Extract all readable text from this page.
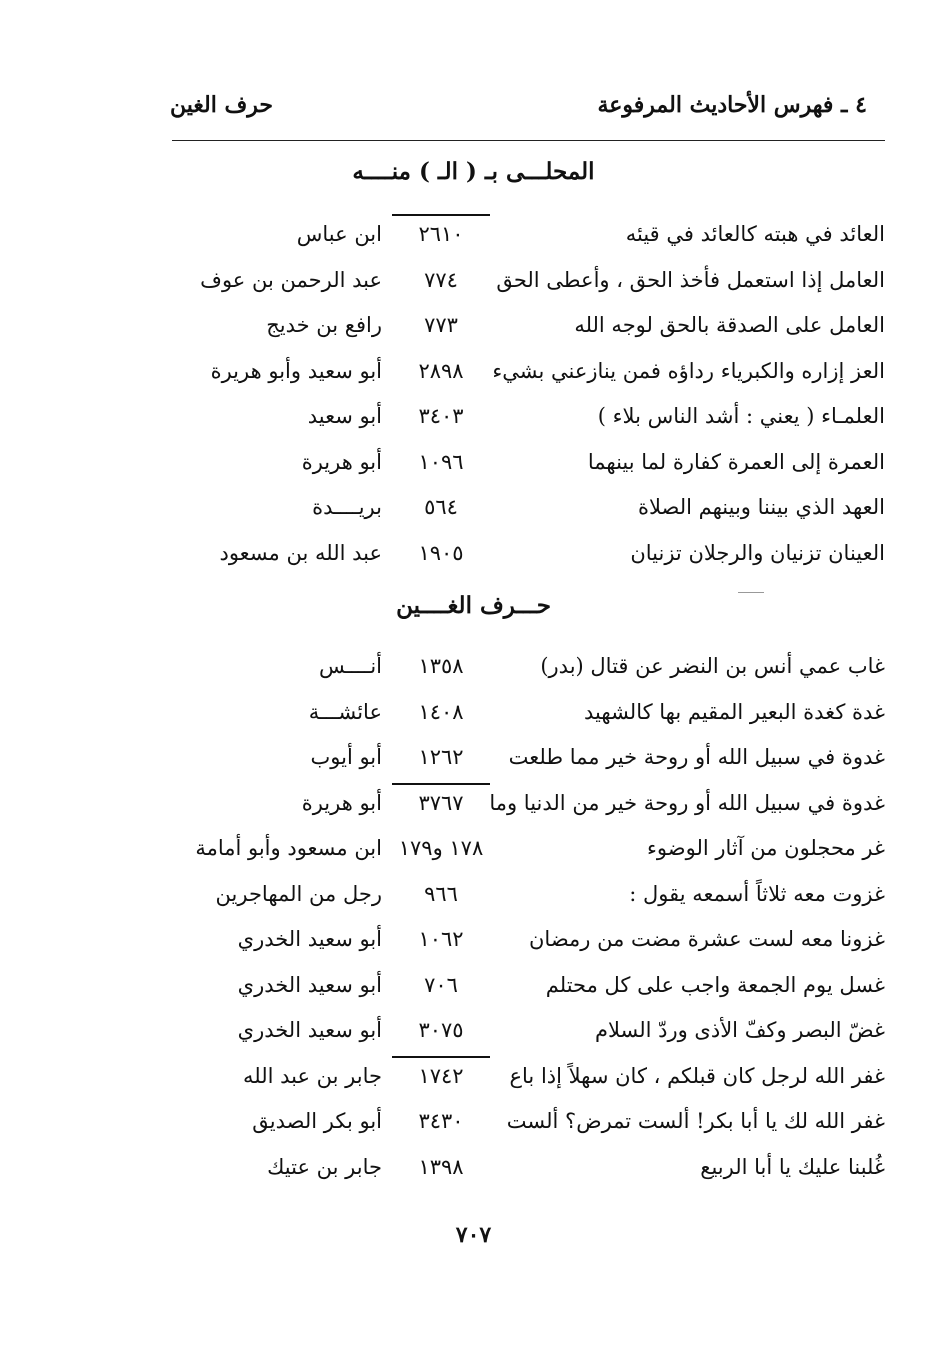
٤ ـ فهرس الأحاديث المرفوعة
حرف الغين
المحلـــى بـ ( الـ ) منــــه
العائد في هبته كالعائد في قيئه
٢٦١٠
ابن عباس
العامل إذا استعمل فأخذ الحق ، وأعطى الحق
٧٧٤
عبد الرحمن بن عوف
العامل على الصدقة بالحق لوجه الله
٧٧٣
رافع بن خديج
العز إزاره والكبرياء رداؤه فمن ينازعني بشيء
٢٨٩٨
أبو سعيد وأبو هريرة
العلمـاء ( يعني : أشد الناس بلاء )
٣٤٠٣
أبو سعيد
العمرة إلى العمرة كفارة لما بينهما
١٠٩٦
أبو هريرة
العهد الذي بيننا وبينهم الصلاة
٥٦٤
بريــــدة
العينان تزنيان والرجلان تزنيان
١٩٠٥
عبد الله بن مسعود
حـــرف الغــــين
غاب عمي أنس بن النضر عن قتال (بدر)
١٣٥٨
أنــــس
غدة كغدة البعير المقيم بها كالشهيد
١٤٠٨
عائشـــة
غدوة في سبيل الله أو روحة خير مما طلعت
١٢٦٢
أبو أيوب
غدوة في سبيل الله أو روحة خير من الدنيا وما
٣٧٦٧
أبو هريرة
غر محجلون من آثار الوضوء
١٧٨ و١٧٩
ابن مسعود وأبو أمامة
غزوت معه ثلاثاً أسمعه يقول :
٩٦٦
رجل من المهاجرين
غزونا معه لست عشرة مضت من رمضان
١٠٦٢
أبو سعيد الخدري
غسل يوم الجمعة واجب على كل محتلم
٧٠٦
أبو سعيد الخدري
غضّ البصر وكفّ الأذى وردّ السلام
٣٠٧٥
أبو سعيد الخدري
غفر الله لرجل كان قبلكم ، كان سهلاً إذا باع
١٧٤٢
جابر بن عبد الله
غفر الله لك يا أبا بكر! ألست تمرض؟ ألست
٣٤٣٠
أبو بكر الصديق
غُلبنا عليك يا أبا الربيع
١٣٩٨
جابر بن عتيك
٧٠٧
